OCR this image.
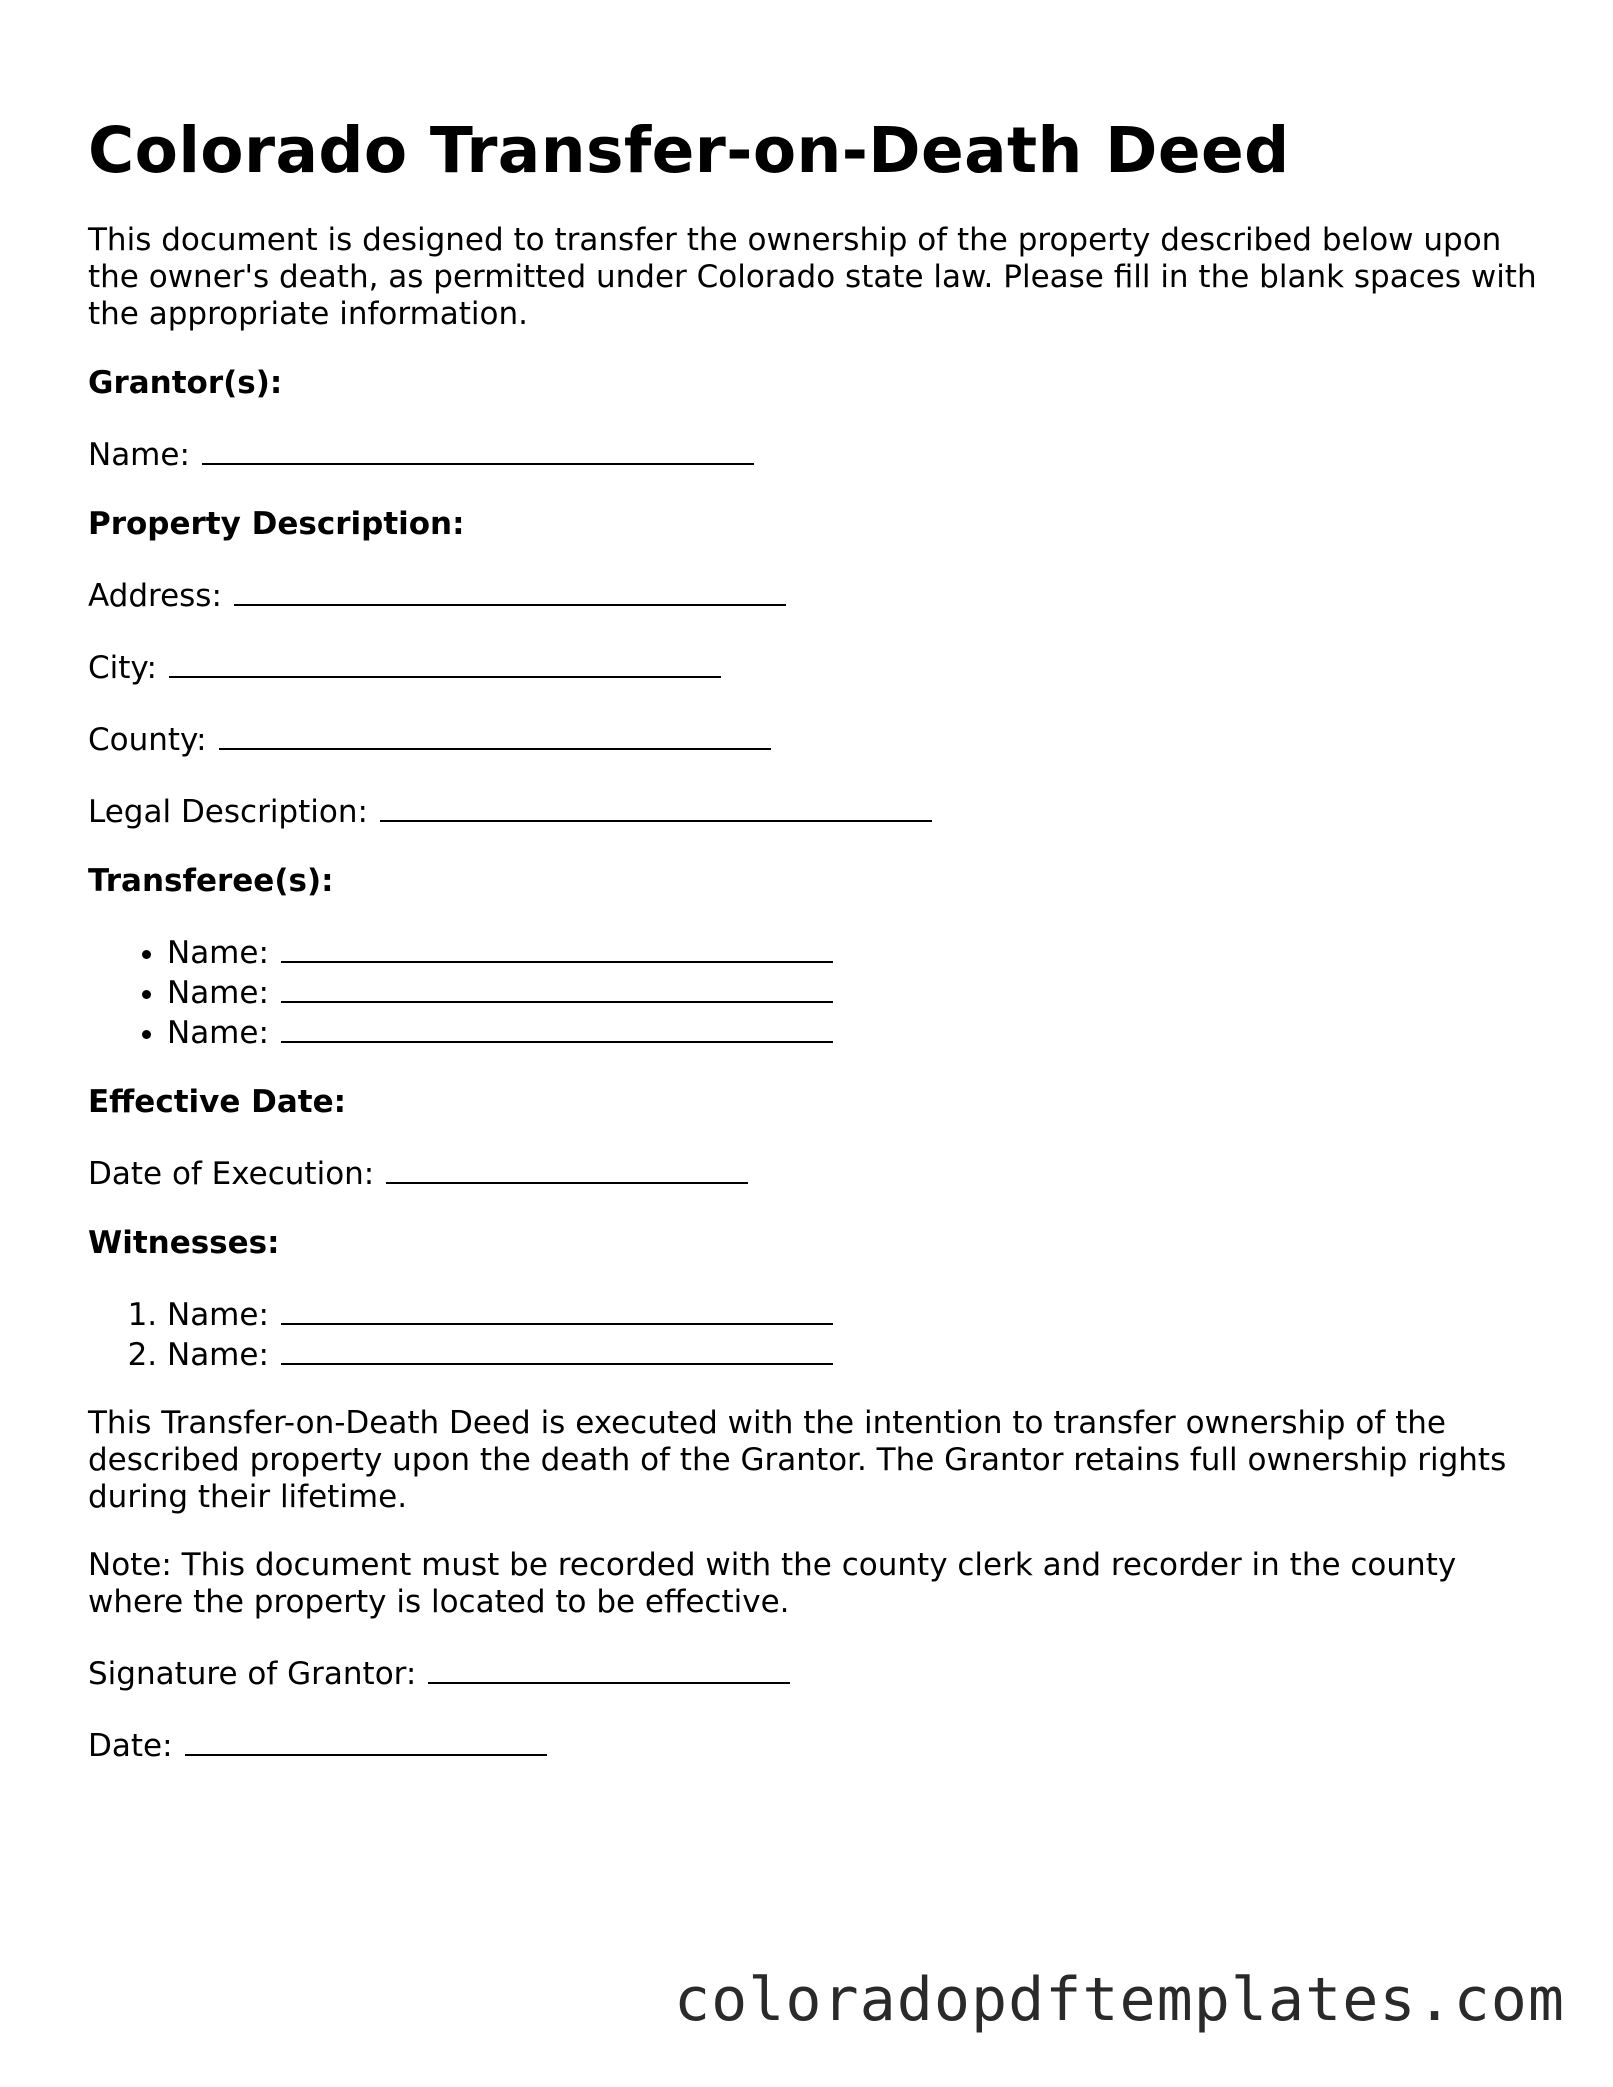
Colorado Transfer-on-Death Deed

This document is designed to transfer the ownership of the property described below upon the owner's death, as permitted under Colorado state law. Please fill in the blank spaces with the appropriate information.

Grantor(s):

Name:

Property Description:

Address:

City:

County:

Legal Description:

Transferee(s):

• Name:
• Name:
• Name:

Effective Date:

Date of Execution:

Witnesses:

1. Name:
2. Name:

This Transfer-on-Death Deed is executed with the intention to transfer ownership of the described property upon the death of the Grantor. The Grantor retains full ownership rights during their lifetime.

Note: This document must be recorded with the county clerk and recorder in the county where the property is located to be effective.

Signature of Grantor:

Date:

coloradopdftemplates.com
